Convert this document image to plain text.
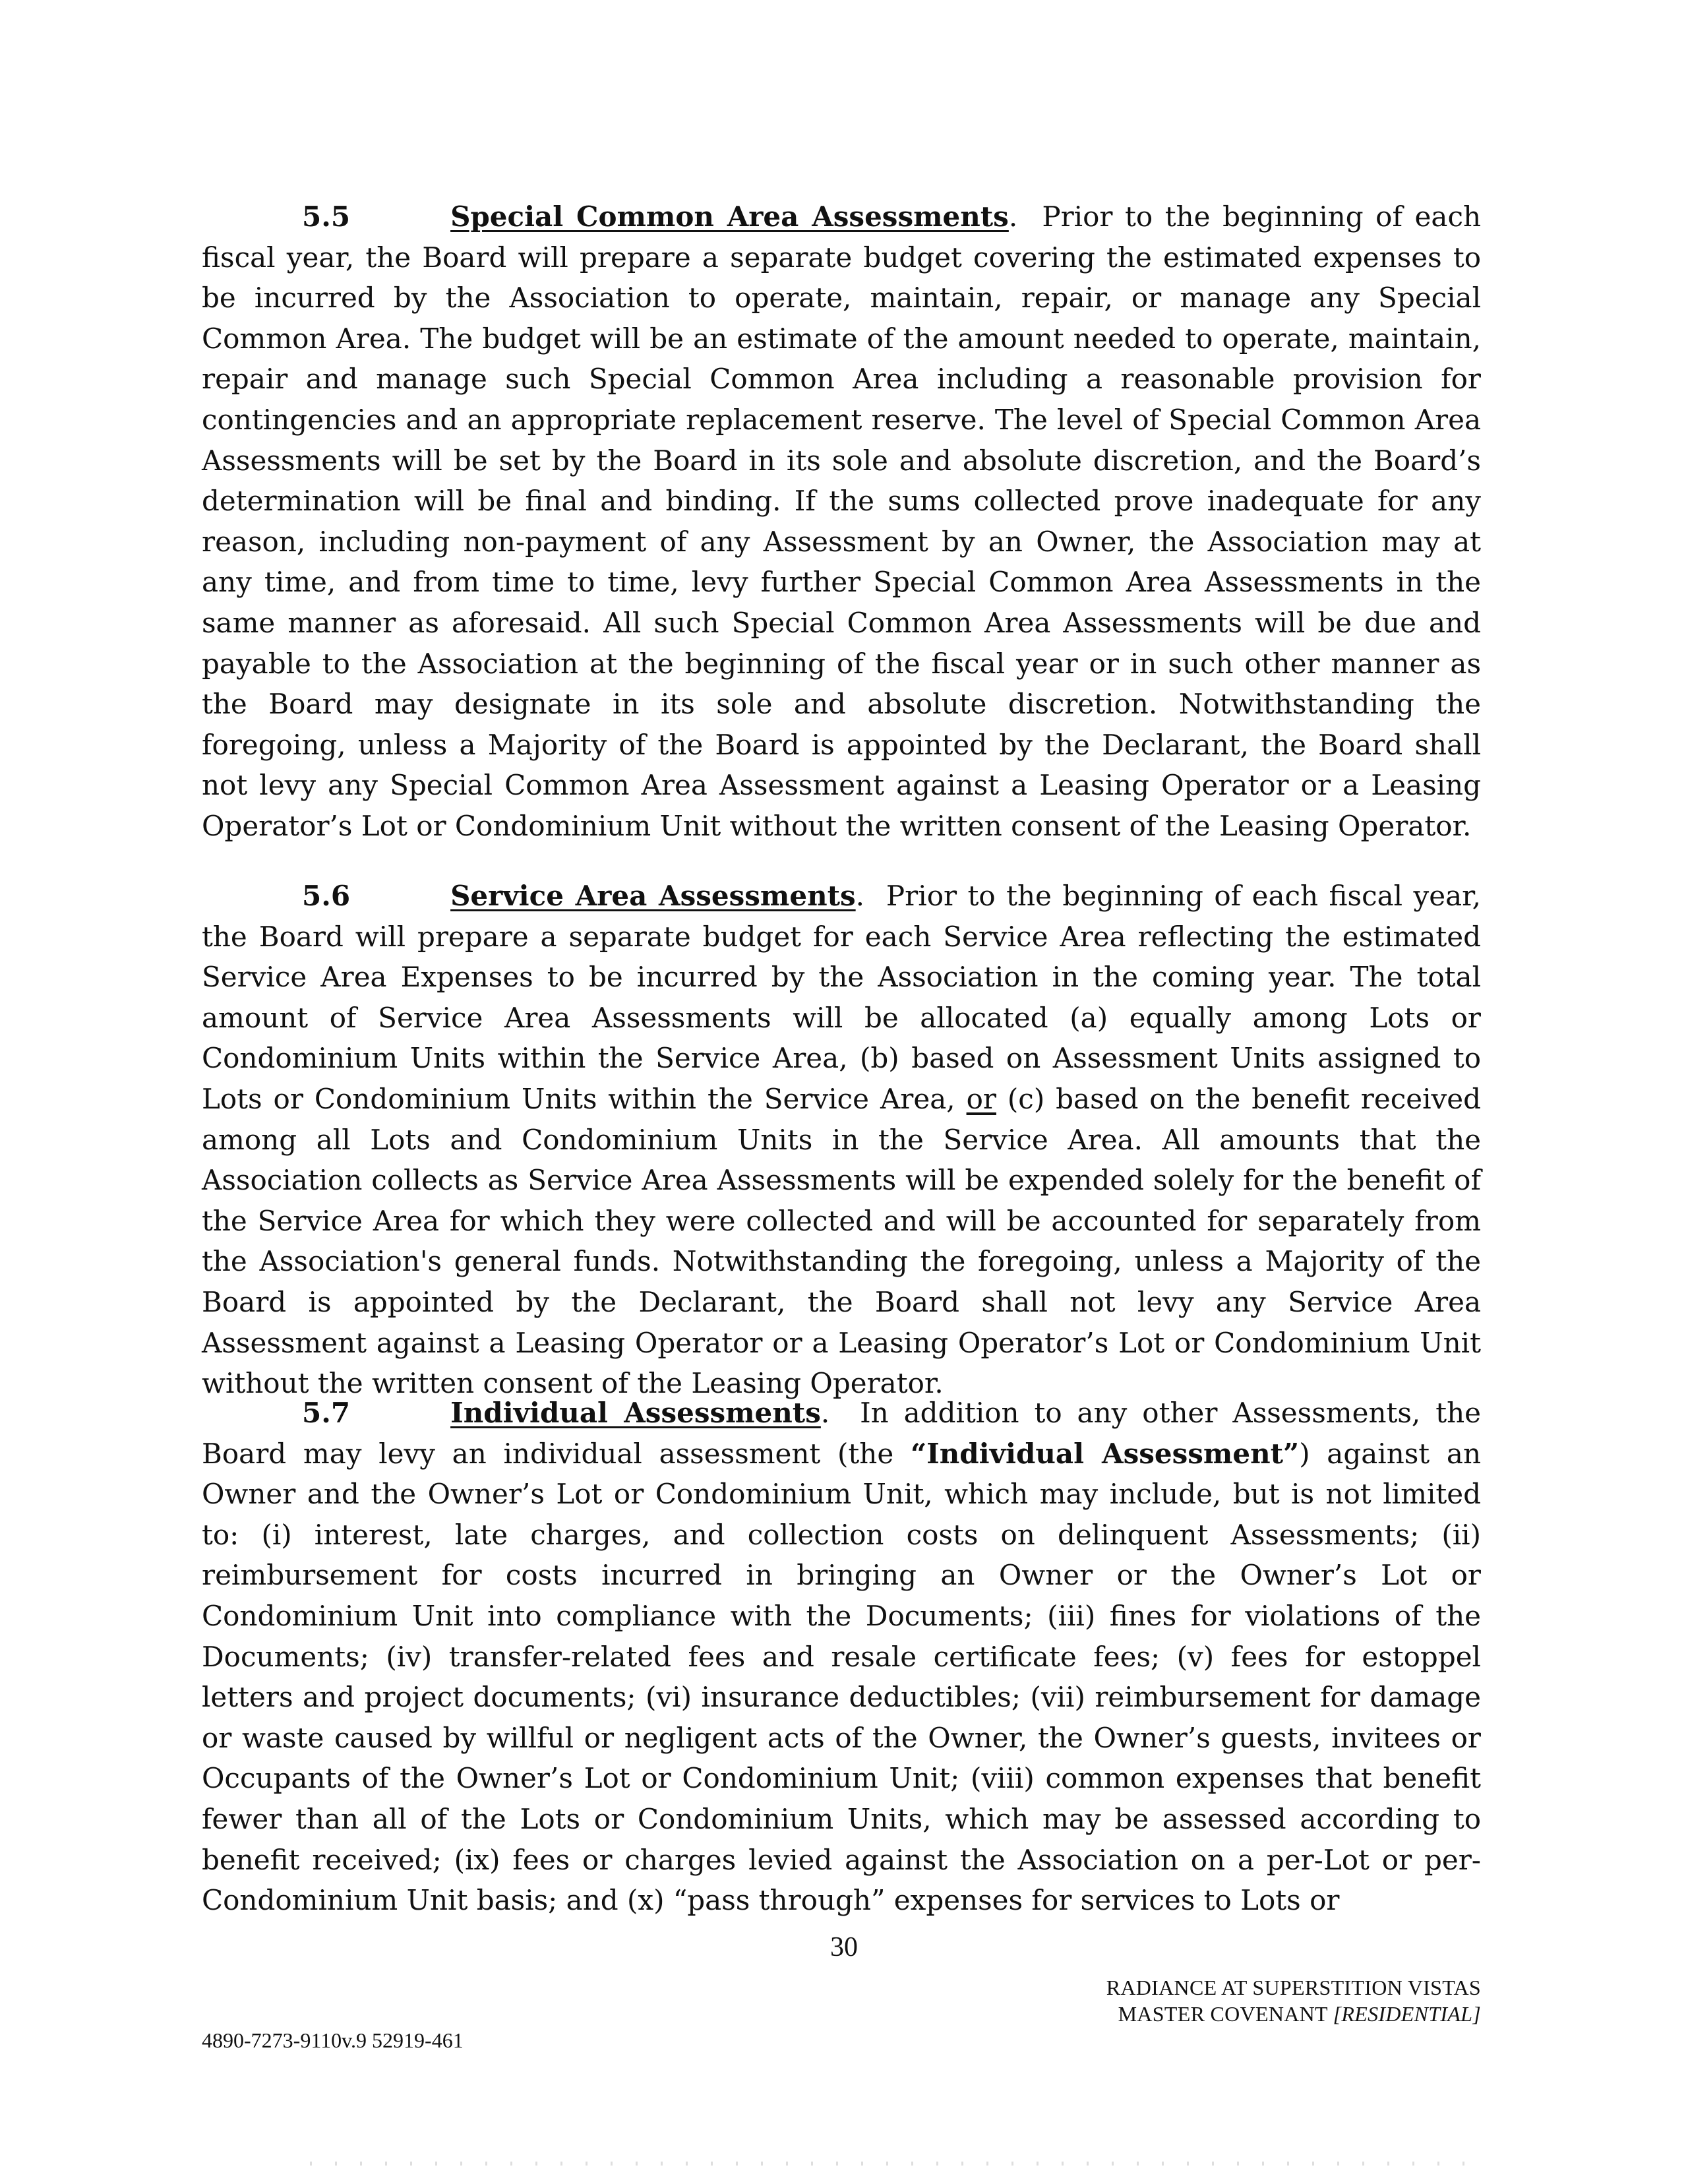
5.5	Special Common Area Assessments. Prior to the beginning of each fiscal year, the Board will prepare a separate budget covering the estimated expenses to be incurred by the Association to operate, maintain, repair, or manage any Special Common Area. The budget will be an estimate of the amount needed to operate, maintain, repair and manage such Special Common Area including a reasonable provision for contingencies and an appropriate replacement reserve. The level of Special Common Area Assessments will be set by the Board in its sole and absolute discretion, and the Board’s determination will be final and binding. If the sums collected prove inadequate for any reason, including non-payment of any Assessment by an Owner, the Association may at any time, and from time to time, levy further Special Common Area Assessments in the same manner as aforesaid. All such Special Common Area Assessments will be due and payable to the Association at the beginning of the fiscal year or in such other manner as the Board may designate in its sole and absolute discretion. Notwithstanding the foregoing, unless a Majority of the Board is appointed by the Declarant, the Board shall not levy any Special Common Area Assessment against a Leasing Operator or a Leasing Operator’s Lot or Condominium Unit without the written consent of the Leasing Operator.
5.6	Service Area Assessments. Prior to the beginning of each fiscal year, the Board will prepare a separate budget for each Service Area reflecting the estimated Service Area Expenses to be incurred by the Association in the coming year. The total amount of Service Area Assessments will be allocated (a) equally among Lots or Condominium Units within the Service Area, (b) based on Assessment Units assigned to Lots or Condominium Units within the Service Area, or (c) based on the benefit received among all Lots and Condominium Units in the Service Area. All amounts that the Association collects as Service Area Assessments will be expended solely for the benefit of the Service Area for which they were collected and will be accounted for separately from the Association's general funds. Notwithstanding the foregoing, unless a Majority of the Board is appointed by the Declarant, the Board shall not levy any Service Area Assessment against a Leasing Operator or a Leasing Operator’s Lot or Condominium Unit without the written consent of the Leasing Operator.
5.7	Individual Assessments. In addition to any other Assessments, the Board may levy an individual assessment (the “Individual Assessment”) against an Owner and the Owner’s Lot or Condominium Unit, which may include, but is not limited to: (i) interest, late charges, and collection costs on delinquent Assessments; (ii) reimbursement for costs incurred in bringing an Owner or the Owner’s Lot or Condominium Unit into compliance with the Documents; (iii) fines for violations of the Documents; (iv) transfer-related fees and resale certificate fees; (v) fees for estoppel letters and project documents; (vi) insurance deductibles; (vii) reimbursement for damage or waste caused by willful or negligent acts of the Owner, the Owner’s guests, invitees or Occupants of the Owner’s Lot or Condominium Unit; (viii) common expenses that benefit fewer than all of the Lots or Condominium Units, which may be assessed according to benefit received; (ix) fees or charges levied against the Association on a per-Lot or per-Condominium Unit basis; and (x) “pass through” expenses for services to Lots or
30
RADIANCE AT SUPERSTITION VISTAS
MASTER COVENANT [RESIDENTIAL]
4890-7273-9110v.9 52919-461
